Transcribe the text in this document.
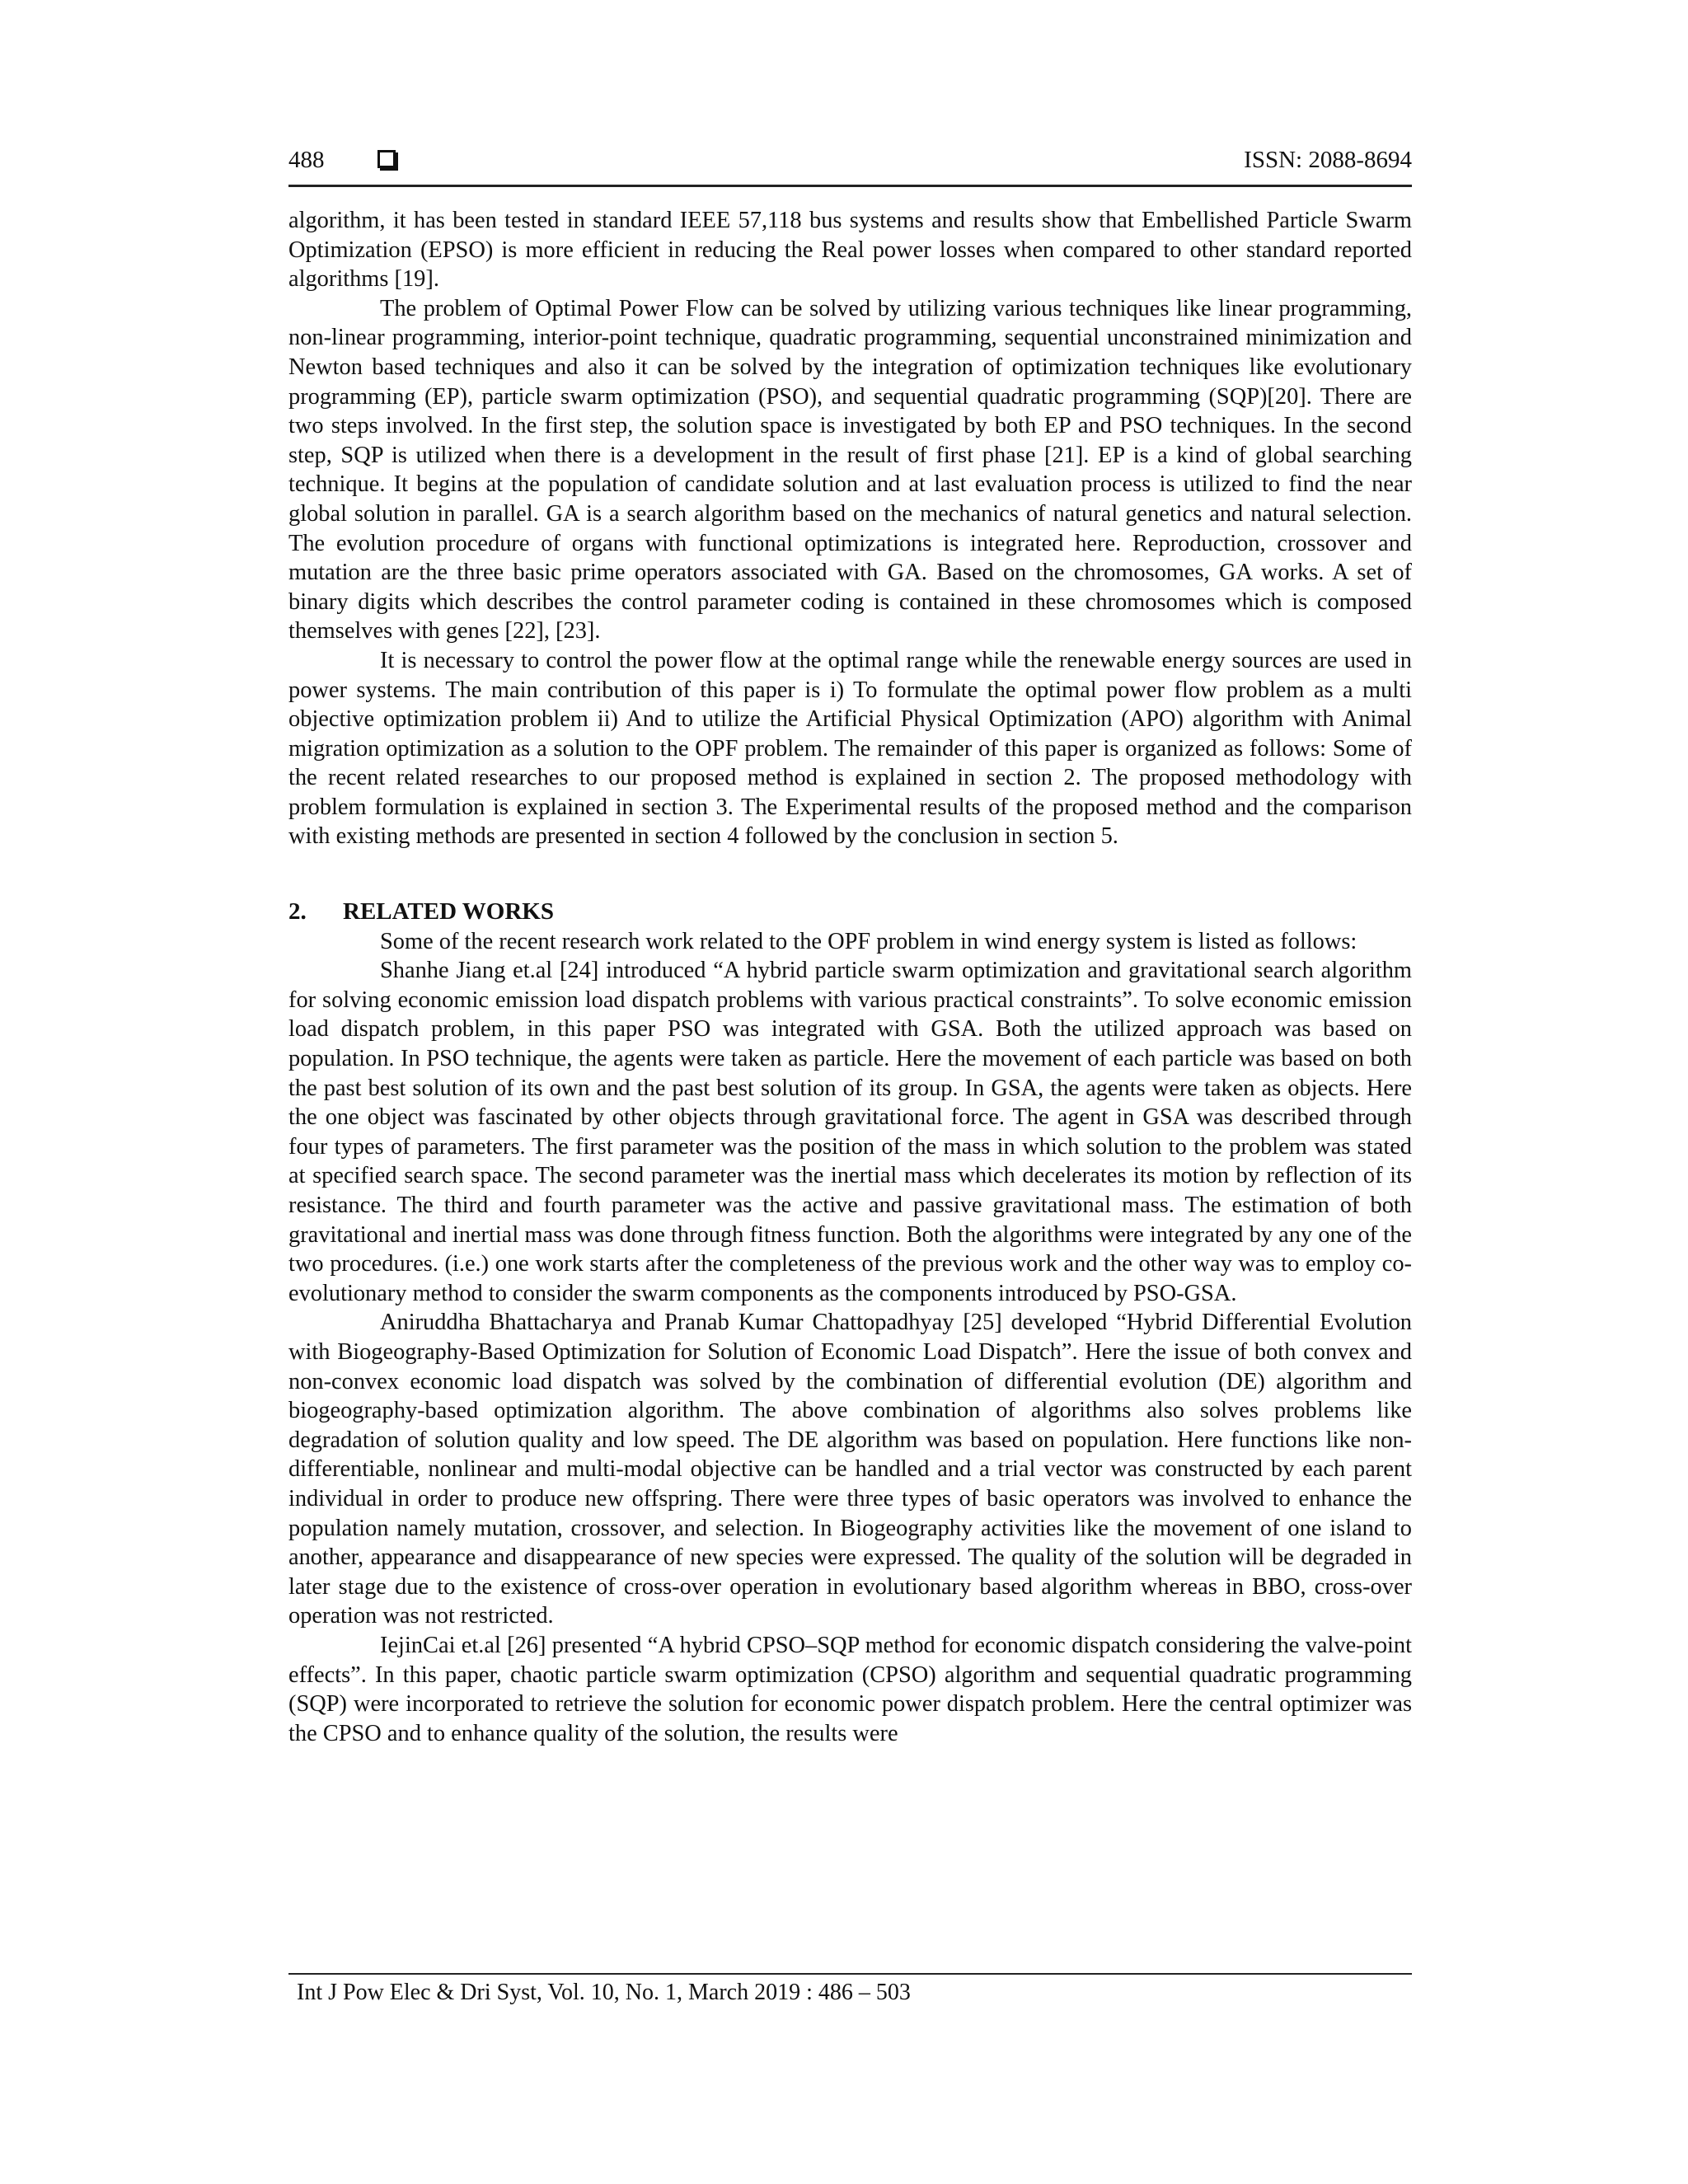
488	ISSN: 2088-8694

algorithm, it has been tested in standard IEEE 57,118 bus systems and results show that Embellished Particle Swarm Optimization (EPSO) is more efficient in reducing the Real power losses when compared to other standard reported algorithms [19].

The problem of Optimal Power Flow can be solved by utilizing various techniques like linear programming, non-linear programming, interior-point technique, quadratic programming, sequential unconstrained minimization and Newton based techniques and also it can be solved by the integration of optimization techniques like evolutionary programming (EP), particle swarm optimization (PSO), and sequential quadratic programming (SQP)[20]. There are two steps involved. In the first step, the solution space is investigated by both EP and PSO techniques. In the second step, SQP is utilized when there is a development in the result of first phase [21]. EP is a kind of global searching technique. It begins at the population of candidate solution and at last evaluation process is utilized to find the near global solution in parallel. GA is a search algorithm based on the mechanics of natural genetics and natural selection. The evolution procedure of organs with functional optimizations is integrated here. Reproduction, crossover and mutation are the three basic prime operators associated with GA. Based on the chromosomes, GA works. A set of binary digits which describes the control parameter coding is contained in these chromosomes which is composed themselves with genes [22], [23].

It is necessary to control the power flow at the optimal range while the renewable energy sources are used in power systems. The main contribution of this paper is i) To formulate the optimal power flow problem as a multi objective optimization problem ii) And to utilize the Artificial Physical Optimization (APO) algorithm with Animal migration optimization as a solution to the OPF problem. The remainder of this paper is organized as follows: Some of the recent related researches to our proposed method is explained in section 2. The proposed methodology with problem formulation is explained in section 3. The Experimental results of the proposed method and the comparison with existing methods are presented in section 4 followed by the conclusion in section 5.

2. RELATED WORKS

Some of the recent research work related to the OPF problem in wind energy system is listed as follows:

Shanhe Jiang et.al [24] introduced “A hybrid particle swarm optimization and gravitational search algorithm for solving economic emission load dispatch problems with various practical constraints”. To solve economic emission load dispatch problem, in this paper PSO was integrated with GSA. Both the utilized approach was based on population. In PSO technique, the agents were taken as particle. Here the movement of each particle was based on both the past best solution of its own and the past best solution of its group. In GSA, the agents were taken as objects. Here the one object was fascinated by other objects through gravitational force. The agent in GSA was described through four types of parameters. The first parameter was the position of the mass in which solution to the problem was stated at specified search space. The second parameter was the inertial mass which decelerates its motion by reflection of its resistance. The third and fourth parameter was the active and passive gravitational mass. The estimation of both gravitational and inertial mass was done through fitness function. Both the algorithms were integrated by any one of the two procedures. (i.e.) one work starts after the completeness of the previous work and the other way was to employ co-evolutionary method to consider the swarm components as the components introduced by PSO-GSA.

Aniruddha Bhattacharya and Pranab Kumar Chattopadhyay [25] developed “Hybrid Differential Evolution with Biogeography-Based Optimization for Solution of Economic Load Dispatch”. Here the issue of both convex and non-convex economic load dispatch was solved by the combination of differential evolution (DE) algorithm and biogeography-based optimization algorithm. The above combination of algorithms also solves problems like degradation of solution quality and low speed. The DE algorithm was based on population. Here functions like non-differentiable, nonlinear and multi-modal objective can be handled and a trial vector was constructed by each parent individual in order to produce new offspring. There were three types of basic operators was involved to enhance the population namely mutation, crossover, and selection. In Biogeography activities like the movement of one island to another, appearance and disappearance of new species were expressed. The quality of the solution will be degraded in later stage due to the existence of cross-over operation in evolutionary based algorithm whereas in BBO, cross-over operation was not restricted.

IejinCai et.al [26] presented “A hybrid CPSO–SQP method for economic dispatch considering the valve-point effects”. In this paper, chaotic particle swarm optimization (CPSO) algorithm and sequential quadratic programming (SQP) were incorporated to retrieve the solution for economic power dispatch problem. Here the central optimizer was the CPSO and to enhance quality of the solution, the results were

Int J Pow Elec & Dri Syst, Vol. 10, No. 1, March 2019 : 486 – 503
